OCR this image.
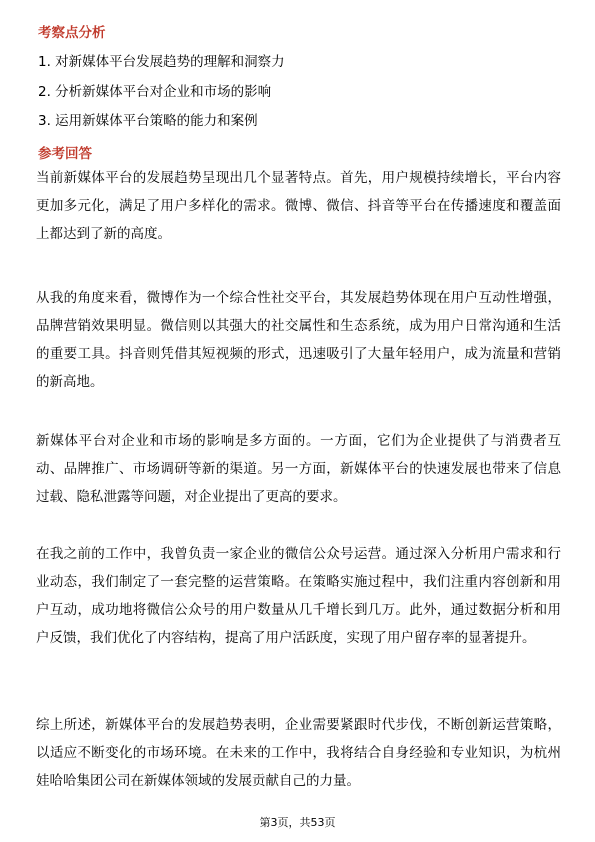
考察点分析

1. 对新媒体平台发展趋势的理解和洞察力

2. 分析新媒体平台对企业和市场的影响

3. 运用新媒体平台策略的能力和案例

参考回答

当前新媒体平台的发展趋势呈现出几个显著特点。首先，用户规模持续增长，平台内容更加多元化，满足了用户多样化的需求。微博、微信、抖音等平台在传播速度和覆盖面上都达到了新的高度。

从我的角度来看，微博作为一个综合性社交平台，其发展趋势体现在用户互动性增强，品牌营销效果明显。微信则以其强大的社交属性和生态系统，成为用户日常沟通和生活的重要工具。抖音则凭借其短视频的形式，迅速吸引了大量年轻用户，成为流量和营销的新高地。

新媒体平台对企业和市场的影响是多方面的。一方面，它们为企业提供了与消费者互动、品牌推广、市场调研等新的渠道。另一方面，新媒体平台的快速发展也带来了信息过载、隐私泄露等问题，对企业提出了更高的要求。

在我之前的工作中，我曾负责一家企业的微信公众号运营。通过深入分析用户需求和行业动态，我们制定了一套完整的运营策略。在策略实施过程中，我们注重内容创新和用户互动，成功地将微信公众号的用户数量从几千增长到几万。此外，通过数据分析和用户反馈，我们优化了内容结构，提高了用户活跃度，实现了用户留存率的显著提升。

综上所述，新媒体平台的发展趋势表明，企业需要紧跟时代步伐，不断创新运营策略，以适应不断变化的市场环境。在未来的工作中，我将结合自身经验和专业知识，为杭州娃哈哈集团公司在新媒体领域的发展贡献自己的力量。

第3页，共53页
